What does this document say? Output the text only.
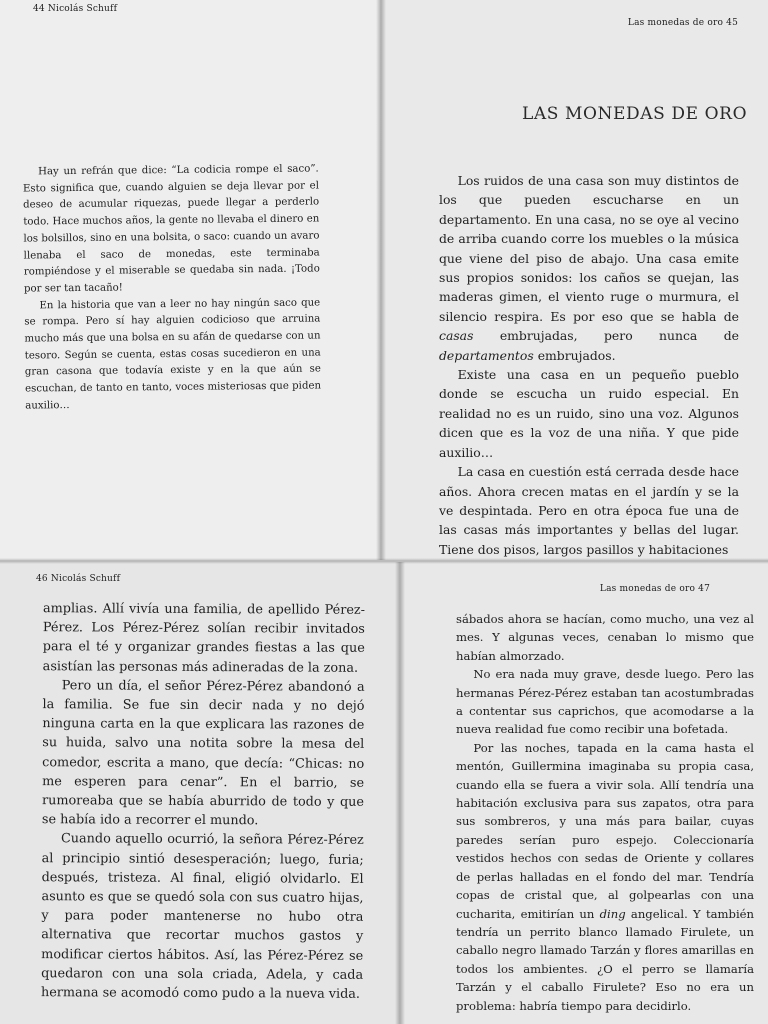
44 Nicolás Schuff

Hay un refrán que dice: “La codicia rompe el saco”. Esto significa que, cuando alguien se deja llevar por el deseo de acumular riquezas, puede llegar a perderlo todo. Hace muchos años, la gente no llevaba el dinero en los bolsillos, sino en una bolsita, o saco: cuando un avaro llenaba el saco de monedas, este terminaba rompiéndose y el miserable se quedaba sin nada. ¡Todo por ser tan tacaño!

En la historia que van a leer no hay ningún saco que se rompa. Pero sí hay alguien codicioso que arruina mucho más que una bolsa en su afán de quedarse con un tesoro. Según se cuenta, estas cosas sucedieron en una gran casona que todavía existe y en la que aún se escuchan, de tanto en tanto, voces misteriosas que piden auxilio…

Las monedas de oro 45
LAS MONEDAS DE ORO

Los ruidos de una casa son muy distintos de los que pueden escucharse en un departamento. En una casa, no se oye al vecino de arriba cuando corre los muebles o la música que viene del piso de abajo. Una casa emite sus propios sonidos: los caños se quejan, las maderas gimen, el viento ruge o murmura, el silencio respira. Es por eso que se habla de casas embrujadas, pero nunca de departamentos embrujados.

Existe una casa en un pequeño pueblo donde se escucha un ruido especial. En realidad no es un ruido, sino una voz. Algunos dicen que es la voz de una niña. Y que pide auxilio…

La casa en cuestión está cerrada desde hace años. Ahora crecen matas en el jardín y se la ve despintada. Pero en otra época fue una de las casas más importantes y bellas del lugar. Tiene dos pisos, largos pasillos y habitaciones

46 Nicolás Schuff

amplias. Allí vivía una familia, de apellido Pérez-Pérez. Los Pérez-Pérez solían recibir invitados para el té y organizar grandes fiestas a las que asistían las personas más adineradas de la zona.

Pero un día, el señor Pérez-Pérez abandonó a la familia. Se fue sin decir nada y no dejó ninguna carta en la que explicara las razones de su huida, salvo una notita sobre la mesa del comedor, escrita a mano, que decía: “Chicas: no me esperen para cenar”. En el barrio, se rumoreaba que se había aburrido de todo y que se había ido a recorrer el mundo.

Cuando aquello ocurrió, la señora Pérez-Pérez al principio sintió desesperación; luego, furia; después, tristeza. Al final, eligió olvidarlo. El asunto es que se quedó sola con sus cuatro hijas, y para poder mantenerse no hubo otra alternativa que recortar muchos gastos y modificar ciertos hábitos. Así, las Pérez-Pérez se quedaron con una sola criada, Adela, y cada hermana se acomodó como pudo a la nueva vida.

Las monedas de oro 47

sábados ahora se hacían, como mucho, una vez al mes. Y algunas veces, cenaban lo mismo que habían almorzado.

No era nada muy grave, desde luego. Pero las hermanas Pérez-Pérez estaban tan acostumbradas a contentar sus caprichos, que acomodarse a la nueva realidad fue como recibir una bofetada.

Por las noches, tapada en la cama hasta el mentón, Guillermina imaginaba su propia casa, cuando ella se fuera a vivir sola. Allí tendría una habitación exclusiva para sus zapatos, otra para sus sombreros, y una más para bailar, cuyas paredes serían puro espejo. Coleccionaría vestidos hechos con sedas de Oriente y collares de perlas halladas en el fondo del mar. Tendría copas de cristal que, al golpearlas con una cucharita, emitirían un ding angelical. Y también tendría un perrito blanco llamado Firulete, un caballo negro llamado Tarzán y flores amarillas en todos los ambientes. ¿O el perro se llamaría Tarzán y el caballo Firulete? Eso no era un problema: habría tiempo para decidirlo.
